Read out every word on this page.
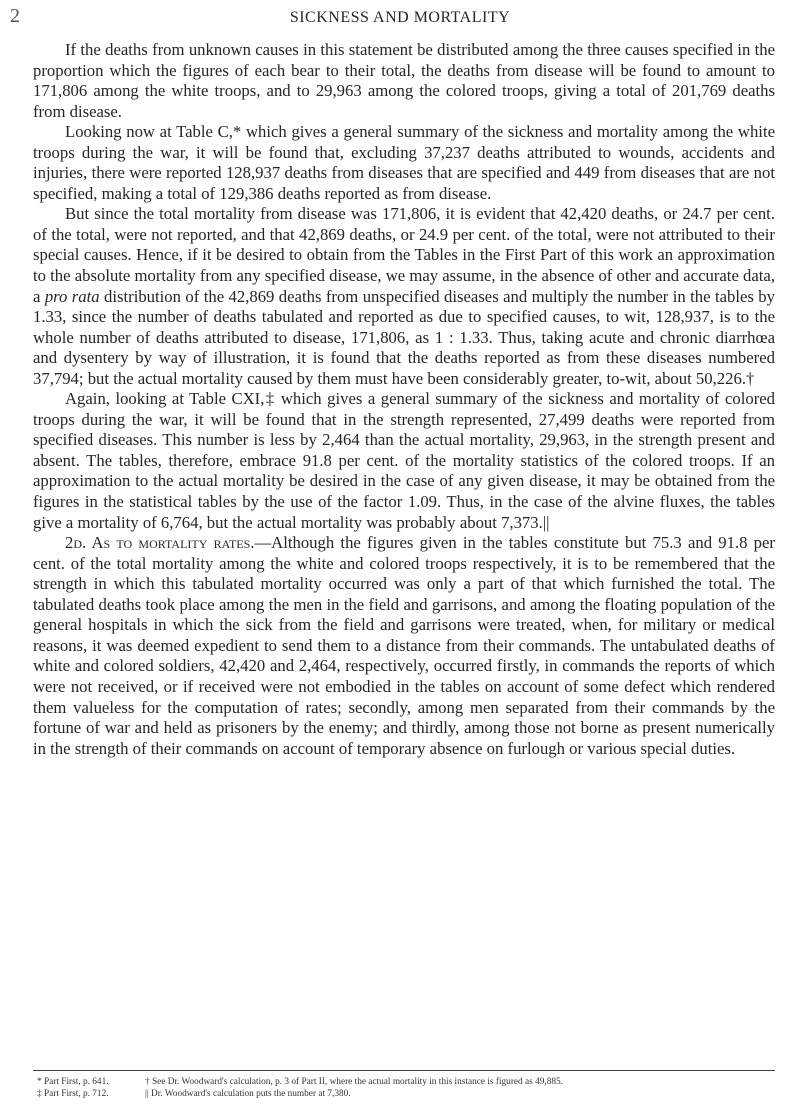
2	SICKNESS AND MORTALITY

If the deaths from unknown causes in this statement be distributed among the three causes specified in the proportion which the figures of each bear to their total, the deaths from disease will be found to amount to 171,806 among the white troops, and to 29,963 among the colored troops, giving a total of 201,769 deaths from disease.

Looking now at Table C,* which gives a general summary of the sickness and mortality among the white troops during the war, it will be found that, excluding 37,237 deaths attributed to wounds, accidents and injuries, there were reported 128,937 deaths from diseases that are specified and 449 from diseases that are not specified, making a total of 129,386 deaths reported as from disease.

But since the total mortality from disease was 171,806, it is evident that 42,420 deaths, or 24.7 per cent. of the total, were not reported, and that 42,869 deaths, or 24.9 per cent. of the total, were not attributed to their special causes. Hence, if it be desired to obtain from the Tables in the First Part of this work an approximation to the absolute mortality from any specified disease, we may assume, in the absence of other and accurate data, a pro rata distribution of the 42,869 deaths from unspecified diseases and multiply the number in the tables by 1.33, since the number of deaths tabulated and reported as due to specified causes, to wit, 128,937, is to the whole number of deaths attributed to disease, 171,806, as 1 : 1.33. Thus, taking acute and chronic diarrhœa and dysentery by way of illustration, it is found that the deaths reported as from these diseases numbered 37,794; but the actual mortality caused by them must have been considerably greater, to-wit, about 50,226.†

Again, looking at Table CXI,‡ which gives a general summary of the sickness and mortality of colored troops during the war, it will be found that in the strength represented, 27,499 deaths were reported from specified diseases. This number is less by 2,464 than the actual mortality, 29,963, in the strength present and absent. The tables, therefore, embrace 91.8 per cent. of the mortality statistics of the colored troops. If an approximation to the actual mortality be desired in the case of any given disease, it may be obtained from the figures in the statistical tables by the use of the factor 1.09. Thus, in the case of the alvine fluxes, the tables give a mortality of 6,764, but the actual mortality was probably about 7,373.||

2d. As to mortality rates.—Although the figures given in the tables constitute but 75.3 and 91.8 per cent. of the total mortality among the white and colored troops respectively, it is to be remembered that the strength in which this tabulated mortality occurred was only a part of that which furnished the total. The tabulated deaths took place among the men in the field and garrisons, and among the floating population of the general hospitals in which the sick from the field and garrisons were treated, when, for military or medical reasons, it was deemed expedient to send them to a distance from their commands. The untabulated deaths of white and colored soldiers, 42,420 and 2,464, respectively, occurred firstly, in commands the reports of which were not received, or if received were not embodied in the tables on account of some defect which rendered them valueless for the computation of rates; secondly, among men separated from their commands by the fortune of war and held as prisoners by the enemy; and thirdly, among those not borne as present numerically in the strength of their commands on account of temporary absence on furlough or various special duties.

* Part First, p. 641.	† See Dr. Woodward's calculation, p. 3 of Part II, where the actual mortality in this instance is figured as 49,885.
‡ Part First, p. 712.	|| Dr. Woodward's calculation puts the number at 7,380.
